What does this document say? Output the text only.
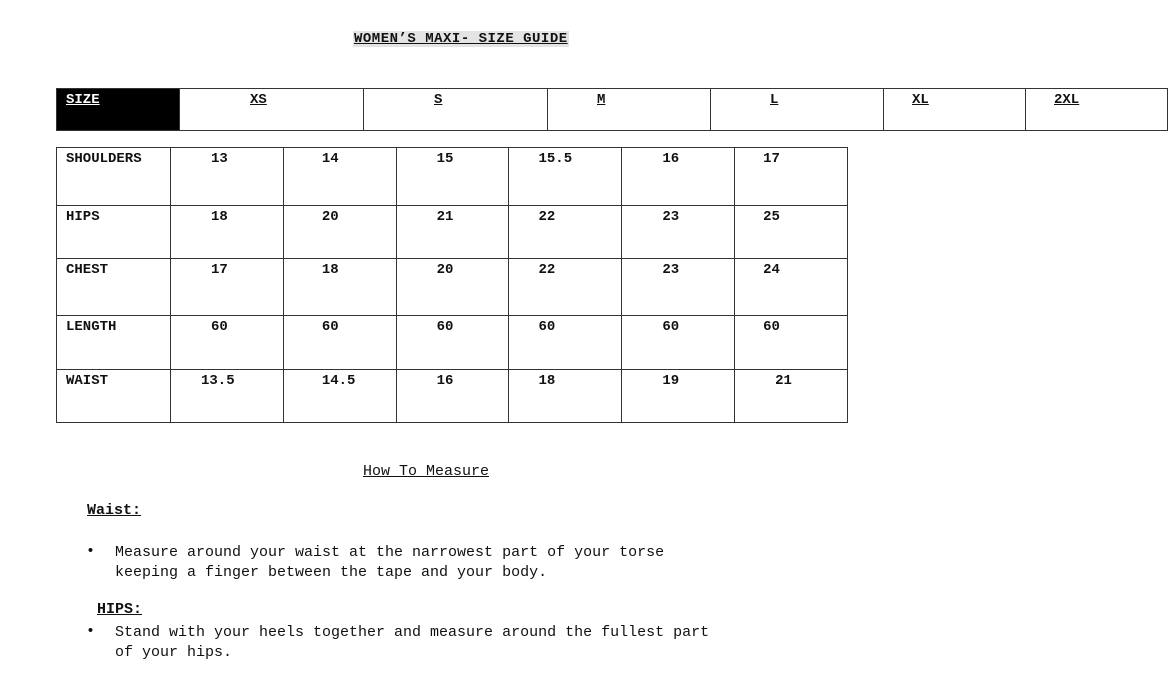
WOMEN’S MAXI- SIZE GUIDE
SIZE	XS	S	M	L	XL	2XL
SHOULDERS	13	14	15	15.5	16	17
HIPS	18	20	21	22	23	25
CHEST	17	18	20	22	23	24
LENGTH	60	60	60	60	60	60
WAIST	13.5	14.5	16	18	19	21
How To Measure
Waist:
• Measure around your waist at the narrowest part of your torse
keeping a finger between the tape and your body.
HIPS:
• Stand with your heels together and measure around the fullest part
of your hips.
